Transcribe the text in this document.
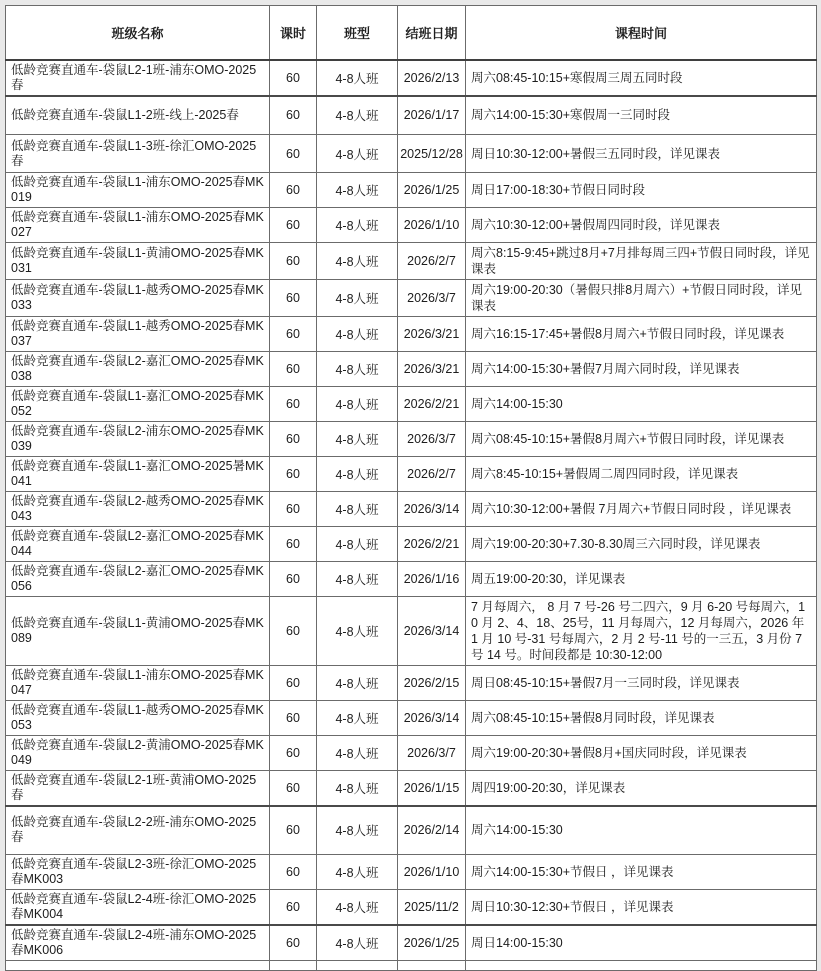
班级名称	课时	班型	结班日期	课程时间
低龄竞赛直通车-袋鼠L2-1班-浦东OMO-2025春	60	4-8人班	2026/2/13	周六08:45-10:15+寒假周三周五同时段
低龄竞赛直通车-袋鼠L1-2班-线上-2025春	60	4-8人班	2026/1/17	周六14:00-15:30+寒假周一三同时段
低龄竞赛直通车-袋鼠L1-3班-徐汇OMO-2025春	60	4-8人班	2025/12/28	周日10:30-12:00+暑假三五同时段，详见课表
低龄竞赛直通车-袋鼠L1-浦东OMO-2025春MK019	60	4-8人班	2026/1/25	周日17:00-18:30+节假日同时段
低龄竞赛直通车-袋鼠L1-浦东OMO-2025春MK027	60	4-8人班	2026/1/10	周六10:30-12:00+暑假周四同时段，详见课表
低龄竞赛直通车-袋鼠L1-黄浦OMO-2025春MK031	60	4-8人班	2026/2/7	周六8:15-9:45+跳过8月+7月排每周三四+节假日同时段，详见课表
低龄竞赛直通车-袋鼠L1-越秀OMO-2025春MK033	60	4-8人班	2026/3/7	周六19:00-20:30（暑假只排8月周六）+节假日同时段，详见课表
低龄竞赛直通车-袋鼠L1-越秀OMO-2025春MK037	60	4-8人班	2026/3/21	周六16:15-17:45+暑假8月周六+节假日同时段，详见课表
低龄竞赛直通车-袋鼠L2-嘉汇OMO-2025春MK038	60	4-8人班	2026/3/21	周六14:00-15:30+暑假7月周六同时段，详见课表
低龄竞赛直通车-袋鼠L1-嘉汇OMO-2025春MK052	60	4-8人班	2026/2/21	周六14:00-15:30
低龄竞赛直通车-袋鼠L2-浦东OMO-2025春MK039	60	4-8人班	2026/3/7	周六08:45-10:15+暑假8月周六+节假日同时段，详见课表
低龄竞赛直通车-袋鼠L1-嘉汇OMO-2025暑MK041	60	4-8人班	2026/2/7	周六8:45-10:15+暑假周二周四同时段，详见课表
低龄竞赛直通车-袋鼠L2-越秀OMO-2025春MK043	60	4-8人班	2026/3/14	周六10:30-12:00+暑假 7月周六+节假日同时段 ，详见课表
低龄竞赛直通车-袋鼠L2-嘉汇OMO-2025春MK044	60	4-8人班	2026/2/21	周六19:00-20:30+7.30-8.30周三六同时段，详见课表
低龄竞赛直通车-袋鼠L2-嘉汇OMO-2025春MK056	60	4-8人班	2026/1/16	周五19:00-20:30，详见课表
低龄竞赛直通车-袋鼠L1-黄浦OMO-2025春MK089	60	4-8人班	2026/3/14	7 月每周六， 8 月 7 号-26 号二四六，9 月 6-20 号每周六，10 月 2、4、18、25号，11 月每周六，12 月每周六，2026 年 1 月 10 号-31 号每周六，2 月 2 号-11 号的一三五，3 月份 7 号 14 号。时间段都是 10:30-12:00
低龄竞赛直通车-袋鼠L1-浦东OMO-2025春MK047	60	4-8人班	2026/2/15	周日08:45-10:15+暑假7月一三同时段，详见课表
低龄竞赛直通车-袋鼠L1-越秀OMO-2025春MK053	60	4-8人班	2026/3/14	周六08:45-10:15+暑假8月同时段，详见课表
低龄竞赛直通车-袋鼠L2-黄浦OMO-2025春MK049	60	4-8人班	2026/3/7	周六19:00-20:30+暑假8月+国庆同时段，详见课表
低龄竞赛直通车-袋鼠L2-1班-黄浦OMO-2025春	60	4-8人班	2026/1/15	周四19:00-20:30，详见课表
低龄竞赛直通车-袋鼠L2-2班-浦东OMO-2025春	60	4-8人班	2026/2/14	周六14:00-15:30
低龄竞赛直通车-袋鼠L2-3班-徐汇OMO-2025春MK003	60	4-8人班	2026/1/10	周六14:00-15:30+节假日 ，详见课表
低龄竞赛直通车-袋鼠L2-4班-徐汇OMO-2025春MK004	60	4-8人班	2025/11/2	周日10:30-12:30+节假日 ，详见课表
低龄竞赛直通车-袋鼠L2-4班-浦东OMO-2025春MK006	60	4-8人班	2026/1/25	周日14:00-15:30
